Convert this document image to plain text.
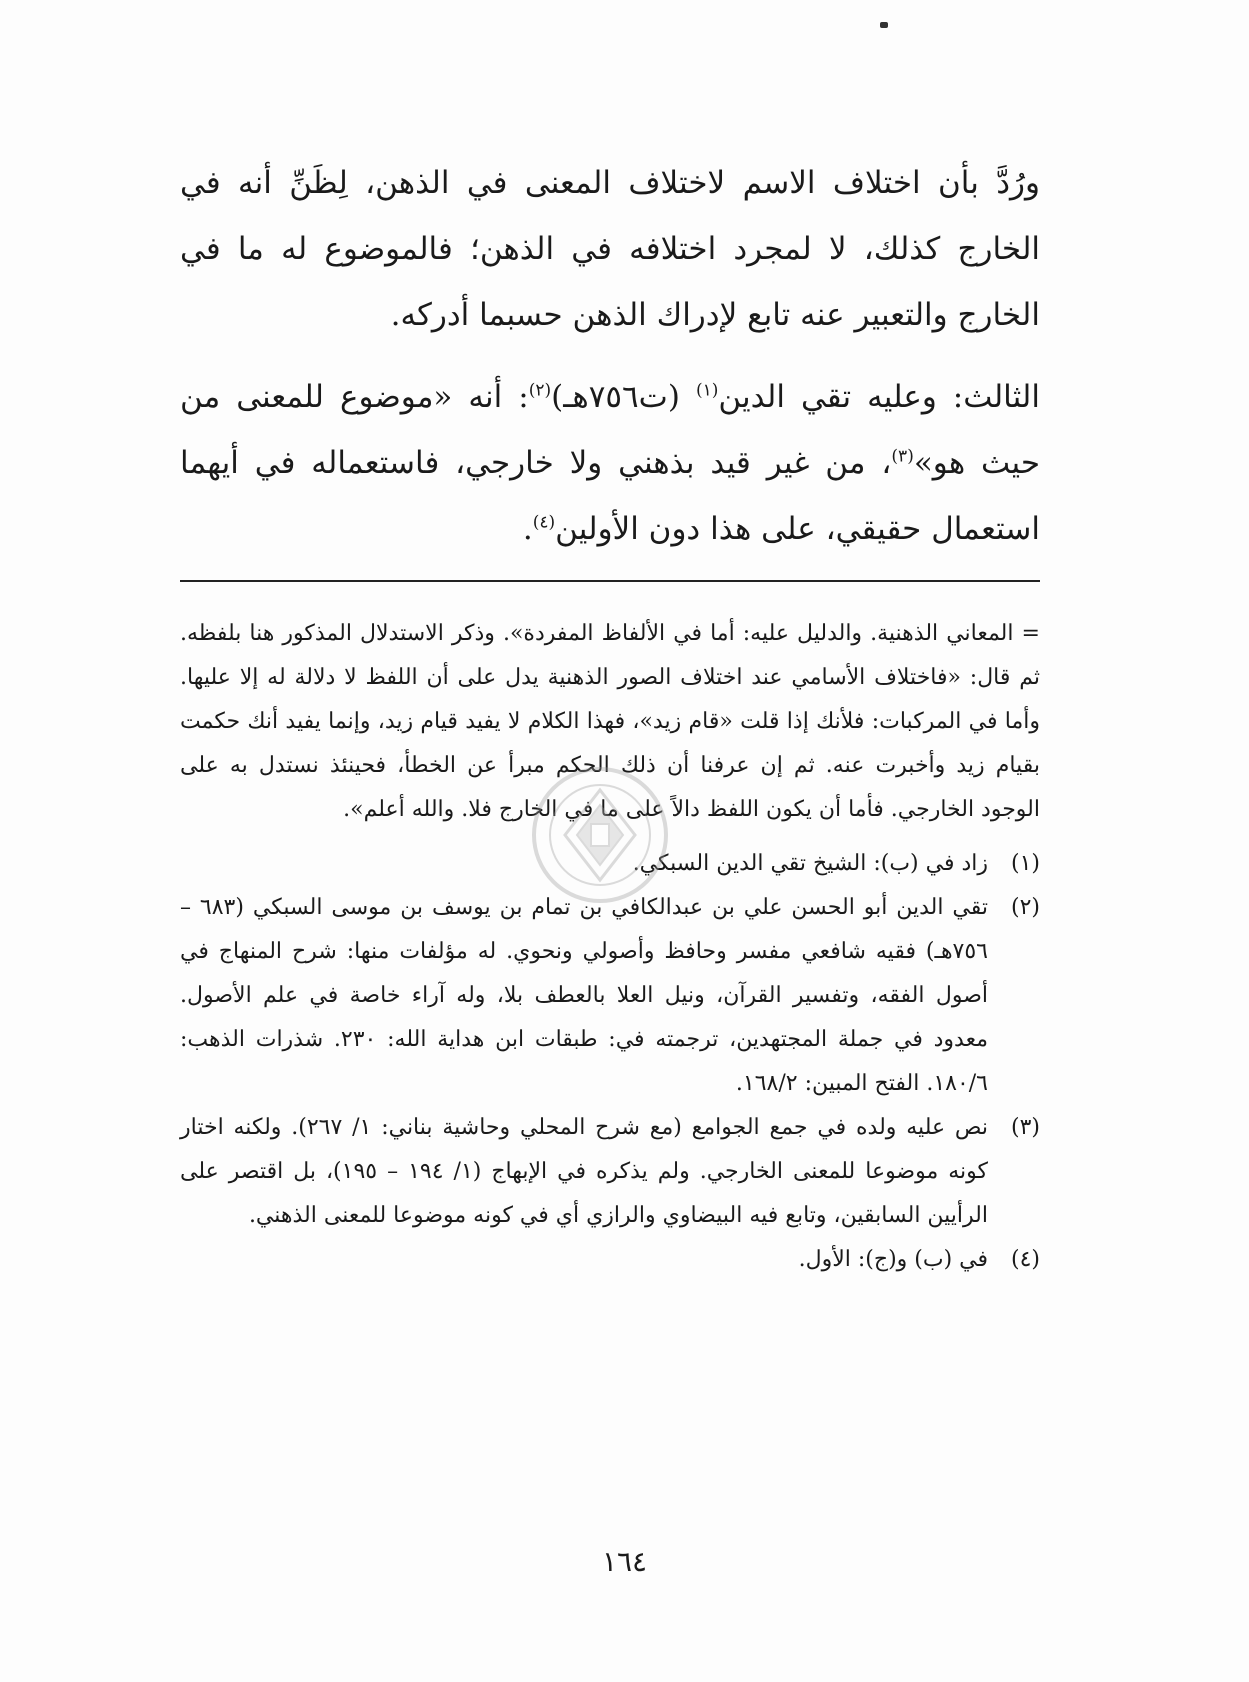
ورُدَّ بأن اختلاف الاسم لاختلاف المعنى في الذهن، لِظَنِّ أنه في الخارج كذلك، لا لمجرد اختلافه في الذهن؛ فالموضوع له ما في الخارج والتعبير عنه تابع لإدراك الذهن حسبما أدركه.

الثالث: وعليه تقي الدين$^{(١)}$ (ت٧٥٦هـ)$^{(٢)}$: أنه «موضوع للمعنى من حيث هو»$^{(٣)}$، من غير قيد بذهني ولا خارجي، فاستعماله في أيهما استعمال حقيقي، على هذا دون الأولين$^{(٤)}$.

= المعاني الذهنية. والدليل عليه: أما في الألفاظ المفردة». وذكر الاستدلال المذكور هنا بلفظه. ثم قال: «فاختلاف الأسامي عند اختلاف الصور الذهنية يدل على أن اللفظ لا دلالة له إلا عليها. وأما في المركبات: فلأنك إذا قلت «قام زيد»، فهذا الكلام لا يفيد قيام زيد، وإنما يفيد أنك حكمت بقيام زيد وأخبرت عنه. ثم إن عرفنا أن ذلك الحكم مبرأ عن الخطأ، فحينئذ نستدل به على الوجود الخارجي. فأما أن يكون اللفظ دالاً على ما في الخارج فلا. والله أعلم».

(١)
زاد في (ب): الشيخ تقي الدين السبكي.
(٢)
تقي الدين أبو الحسن علي بن عبدالكافي بن تمام بن يوسف بن موسى السبكي (٦٨٣ – ٧٥٦هـ) فقيه شافعي مفسر وحافظ وأصولي ونحوي. له مؤلفات منها: شرح المنهاج في أصول الفقه، وتفسير القرآن، ونيل العلا بالعطف بلا، وله آراء خاصة في علم الأصول. معدود في جملة المجتهدين، ترجمته في: طبقات ابن هداية الله: ٢٣٠. شذرات الذهب: ١٨٠/٦. الفتح المبين: ١٦٨/٢.
(٣)
نص عليه ولده في جمع الجوامع (مع شرح المحلي وحاشية بناني: ١/ ٢٦٧). ولكنه اختار كونه موضوعا للمعنى الخارجي. ولم يذكره في الإبهاج (١/ ١٩٤ – ١٩٥)، بل اقتصر على الرأيين السابقين، وتابع فيه البيضاوي والرازي أي في كونه موضوعا للمعنى الذهني.
(٤)
في (ب) و(ج): الأول.
١٦٤
